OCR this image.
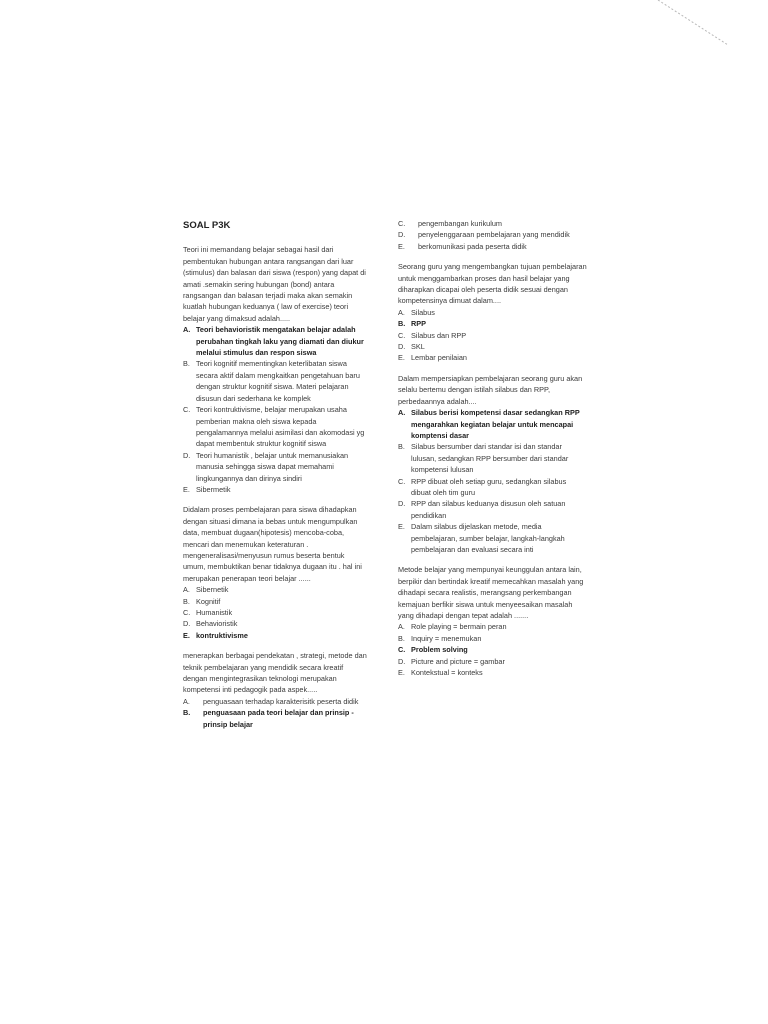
SOAL P3K

Teori ini memandang belajar sebagai hasil dari pembentukan hubungan antara rangsangan dari luar (stimulus) dan balasan dari siswa (respon) yang dapat di amati .semakin sering hubungan (bond) antara rangsangan dan balasan terjadi maka akan semakin kuatlah hubungan keduanya ( law of exercise) teori belajar yang dimaksud adalah.....

A. Teori behavioristik mengatakan belajar adalah perubahan tingkah laku yang diamati dan diukur melalui stimulus dan respon siswa
B. Teori kognitif mementingkan keterlibatan siswa secara aktif dalam mengkaitkan pengetahuan baru dengan struktur kognitif siswa. Materi pelajaran disusun dari sederhana ke komplek
C. Teori kontruktivisme, belajar merupakan usaha pemberian makna oleh siswa kepada pengalamannya melalui asimilasi dan akomodasi yg dapat membentuk struktur kognitif siswa
D. Teori humanistik , belajar untuk memanusiakan manusia sehingga siswa dapat memahami lingkungannya dan dirinya sindiri
E. Sibermetik

Didalam proses pembelajaran para siswa dihadapkan dengan situasi dimana ia bebas untuk mengumpulkan data, membuat dugaan(hipotesis) mencoba-coba, mencari dan menemukan keteraturan . mengeneralisasi/menyusun rumus beserta bentuk umum, membuktikan benar tidaknya dugaan itu . hal ini merupakan penerapan teori belajar ......

A. Sibernetik
B. Kognitif
C. Humanistik
D. Behavioristik
E. kontruktivisme

menerapkan berbagai pendekatan , strategi, metode dan teknik pembelajaran yang mendidik secara kreatif dengan mengintegrasikan teknologi merupakan kompetensi inti pedagogik pada aspek.....

A.	penguasaan terhadap karakterisitk peserta didik
B.	penguasaan pada teori belajar dan prinsip -prinsip belajar
C.	pengembangan kurikulum
D.	penyelenggaraan pembelajaran yang mendidik
E.	berkomunikasi pada peserta didik

Seorang guru yang mengembangkan tujuan pembelajaran untuk menggambarkan proses dan hasil belajar yang diharapkan dicapai oleh peserta didik sesuai dengan kompetensinya dimuat dalam....

A. Silabus
B. RPP
C. Silabus dan RPP
D. SKL
E. Lembar penilaian

Dalam mempersiapkan pembelajaran seorang guru akan selalu bertemu dengan istilah silabus dan RPP, perbedaannya adalah....

A. Silabus berisi kompetensi dasar sedangkan RPP mengarahkan kegiatan belajar untuk mencapai komptensi dasar
B. Silabus bersumber dari standar isi dan standar lulusan, sedangkan RPP bersumber dari standar kompetensi lulusan
C. RPP dibuat oleh setiap guru, sedangkan silabus dibuat oleh tim guru
D. RPP dan silabus keduanya disusun oleh satuan pendidikan
E. Dalam silabus dijelaskan metode, media pembelajaran, sumber belajar, langkah-langkah pembelajaran dan evaluasi secara inti

Metode belajar yang mempunyai keunggulan antara lain, berpikir dan bertindak kreatif memecahkan masalah yang dihadapi secara realistis, merangsang perkembangan kemajuan berfikir siswa untuk menyeesaikan masalah yang dihadapi dengan tepat adalah .......

A. Role playing = bermain peran
B. Inquiry = menemukan
C. Problem solving
D. Picture and picture = gambar
E. Kontekstual = konteks
